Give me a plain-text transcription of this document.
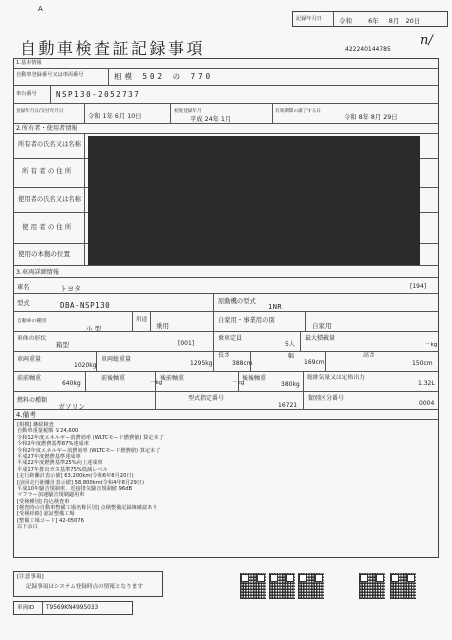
A
記録年月日	令和 6年 8月 20日
自動車検査証記録事項	422240144785
n/
1.基本情報
自動車登録番号又は車両番号	相模 502 の 770
車台番号	NSP130-2052737
登録年月日/交付年月日
令和 1年 6月 10日
初度登録年月
平成 24年 1月
有効期間の満了する日
令和 8年 8月 29日
2.所有者・使用者情報
所有者の氏名又は名称
所 有 者 の 住 所
使用者の氏名又は名称
使 用 者 の 住 所
使用の本拠の位置
3.車両詳細情報
車名	トヨタ	[194]
型式	DBA-NSP130	原動機の型式
1NR
自動車の種別
小 型
用途
乗用
自家用・事業用の別
自家用
車体の形状
箱型	[001]
乗車定員
5人
最大積載量
－kg
車両重量
1020kg
車両総重量
1295kg
長さ
388cm
幅
169cm
高さ
150cm
前前軸重
640kg
前後軸重
－kg
後前軸重
－kg
後後軸重
380kg
総排気量又は定格出力
1.32L
燃料の種類
ガソリン
型式指定番号
16721
類別区分番号
0004
4.備考
[相模] 継続検査
自動車重量税額 ￥24,600
令和12年度エネルギー消費効率 (WLTCモード燃費値) 算定未了
令和2年度燃費基準87%達成車
令和2年度エネルギー消費効率 (WLTCモード燃費値) 算定未了
平成27年度燃費基準達成車
平成22年度燃費基準25%向上達成車
平成17年排出ガス基準75%低減レベル
[走行距離計表示値] 63,200km(令和6年8月20日)
[前回走行距離計表示値] 58,800km(令和4年8月29日)
平成10年騒音規制車、近接排気騒音規制値 96dB
マフラー加速騒音規制適用車
[受検種別] 持込検査車
[検査時の自動車整備工場名称区別] 点検整備記録簿確認あり
[受検経路] 認証整備工場
[整備工場コード] 42-05076
以下余白
[注意事項]
記録事項はシステム登録時点の情報となります
車両ID T9569KN4995033
